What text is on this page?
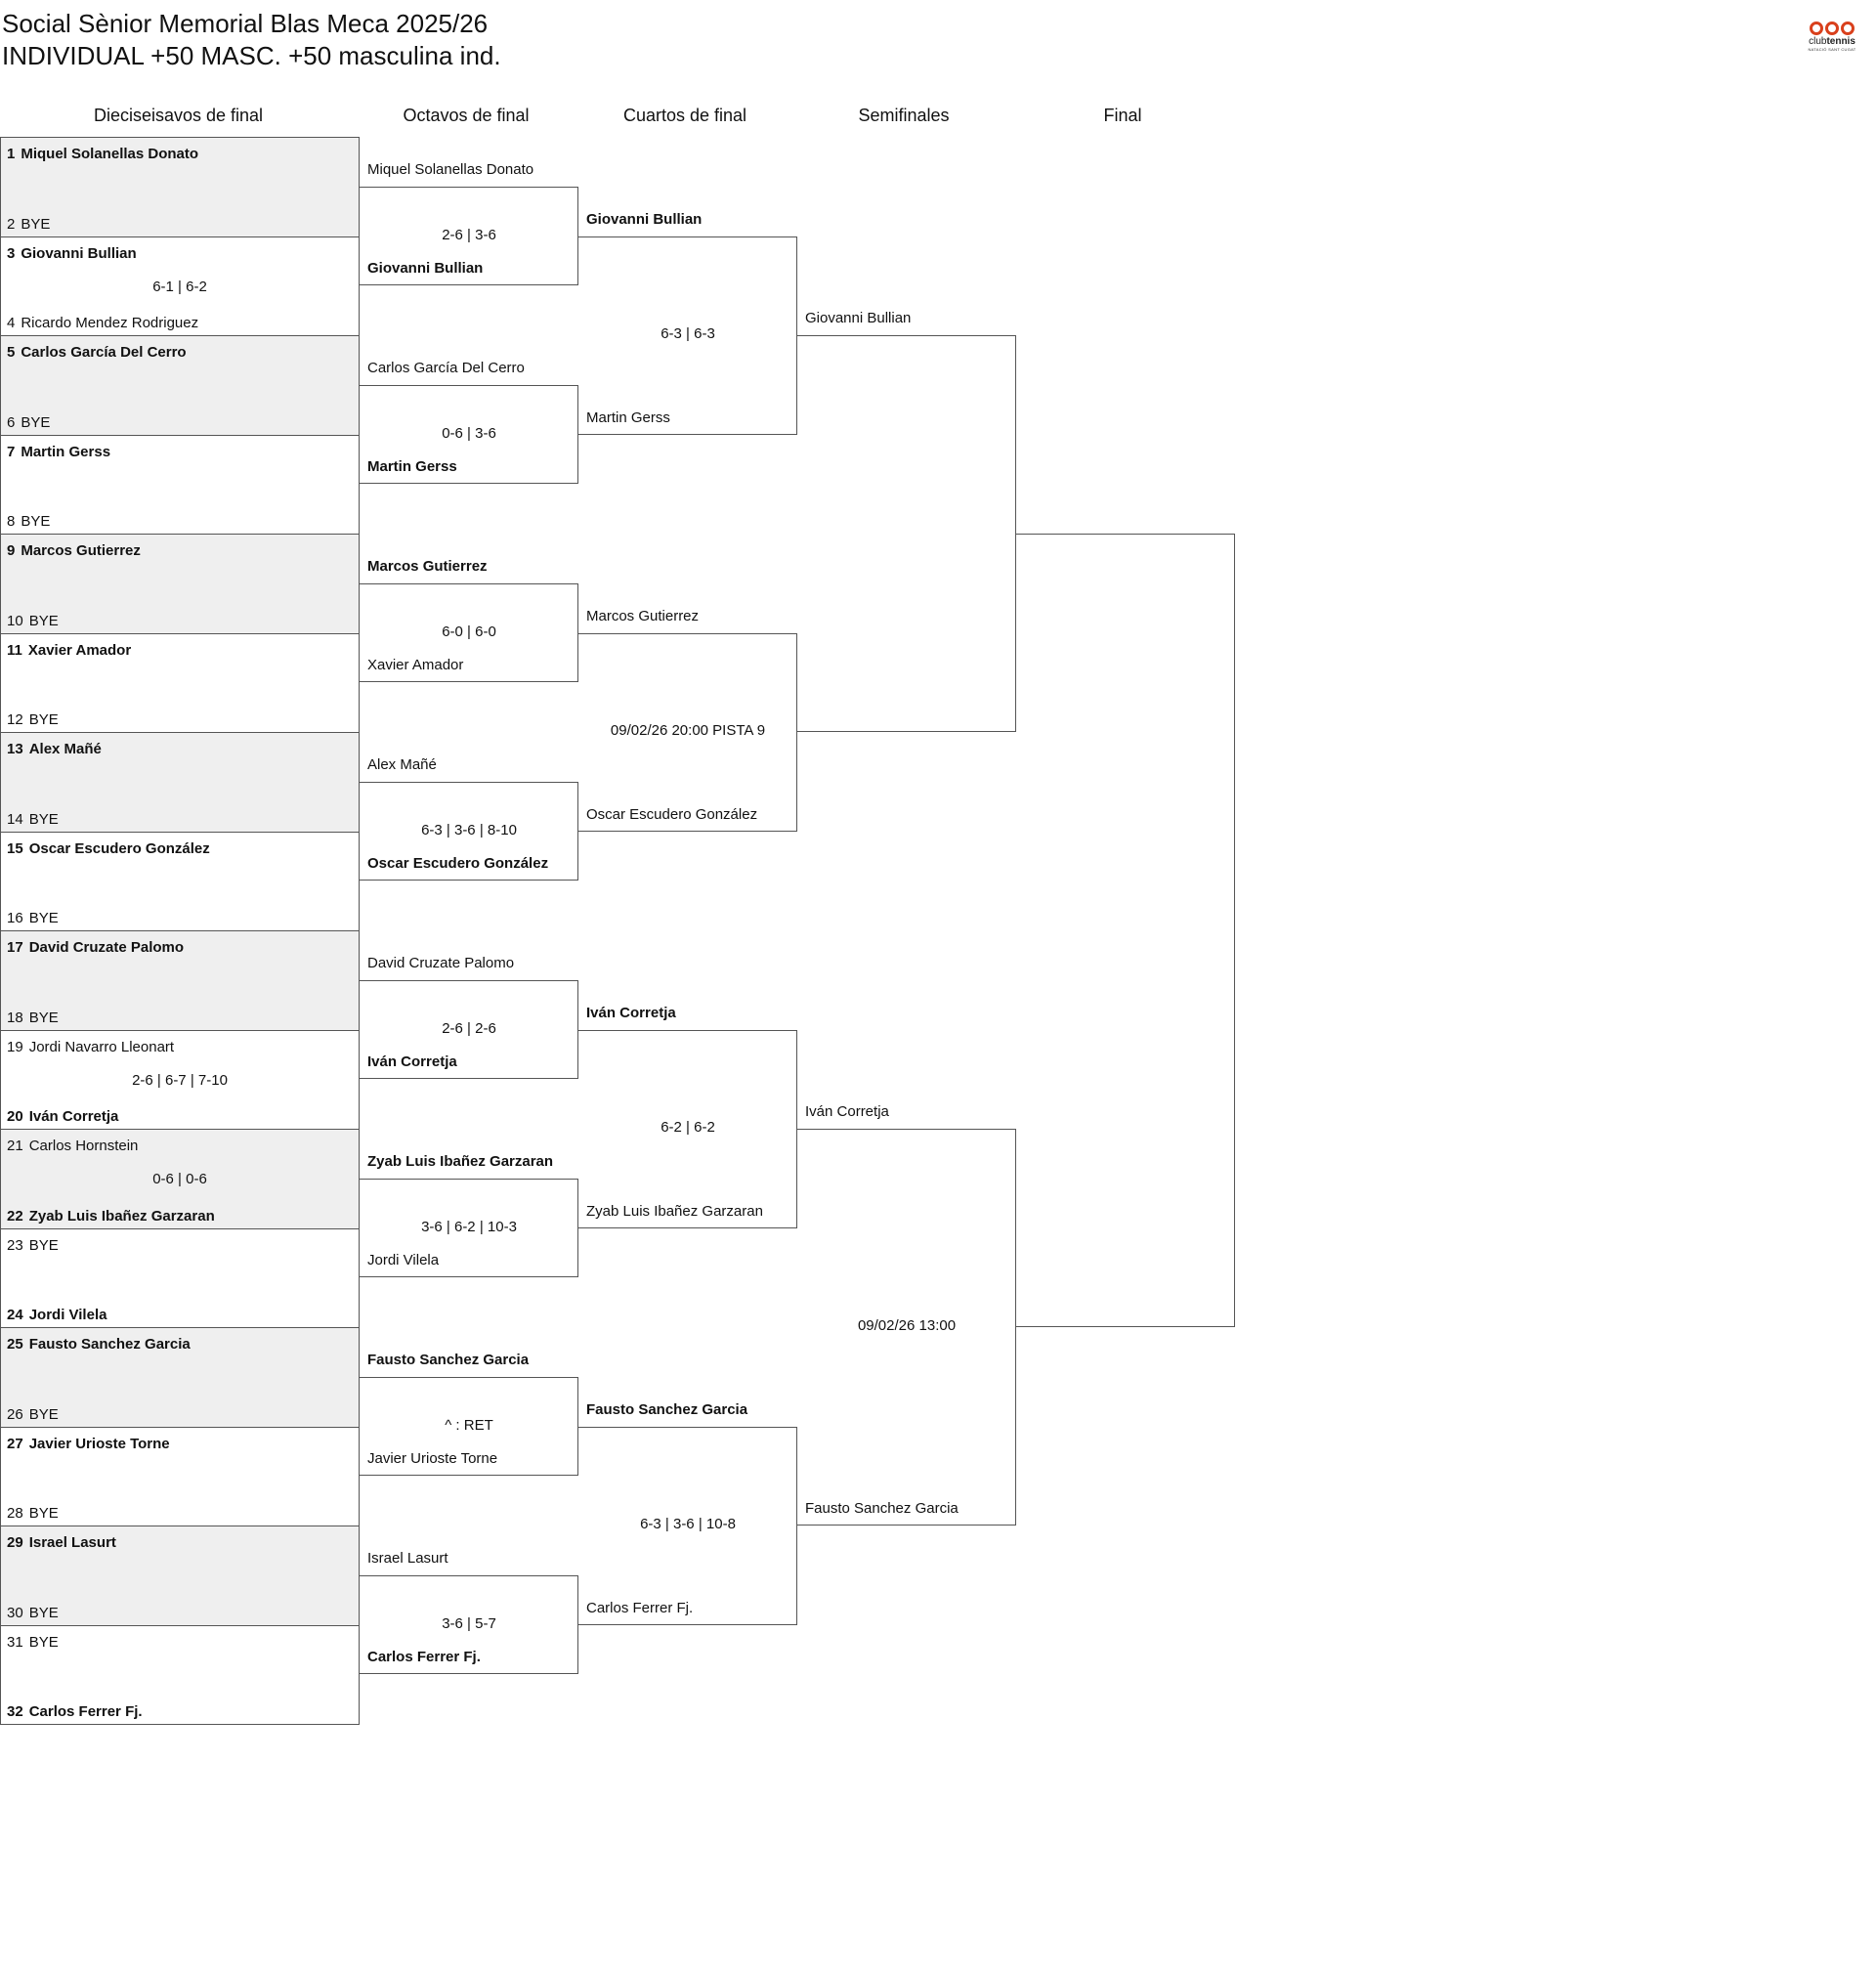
Social Sènior Memorial Blas Meca 2025/26
INDIVIDUAL +50 MASC. +50 masculina ind.	clubtennis
NATACIÓ SANT CUGAT
Dieciseisavos de final	Octavos de final	Cuartos de final	Semifinales	Final
1 Miquel Solanellas Donato
2 BYE
3 Giovanni Bullian
4 Ricardo Mendez Rodriguez
6-1 | 6-2
5 Carlos García Del Cerro
6 BYE
7 Martin Gerss
8 BYE
9 Marcos Gutierrez
10 BYE
11 Xavier Amador
12 BYE
13 Alex Mañé
14 BYE
15 Oscar Escudero González
16 BYE
17 David Cruzate Palomo
18 BYE
19 Jordi Navarro Lleonart
20 Iván Corretja
2-6 | 6-7 | 7-10
21 Carlos Hornstein
22 Zyab Luis Ibañez Garzaran
0-6 | 0-6
23 BYE
24 Jordi Vilela
25 Fausto Sanchez Garcia
26 BYE
27 Javier Urioste Torne
28 BYE
29 Israel Lasurt
30 BYE
31 BYE
32 Carlos Ferrer Fj.
Miquel Solanellas Donato
Giovanni Bullian
2-6 | 3-6
Carlos García Del Cerro
Martin Gerss
0-6 | 3-6
Marcos Gutierrez
Xavier Amador
6-0 | 6-0
Alex Mañé
Oscar Escudero González
6-3 | 3-6 | 8-10
David Cruzate Palomo
Iván Corretja
2-6 | 2-6
Zyab Luis Ibañez Garzaran
Jordi Vilela
3-6 | 6-2 | 10-3
Fausto Sanchez Garcia
Javier Urioste Torne
^ : RET
Israel Lasurt
Carlos Ferrer Fj.
3-6 | 5-7
Giovanni Bullian
Martin Gerss
6-3 | 6-3
Marcos Gutierrez
Oscar Escudero González
09/02/26 20:00 PISTA 9
Iván Corretja
Zyab Luis Ibañez Garzaran
6-2 | 6-2
Fausto Sanchez Garcia
Carlos Ferrer Fj.
6-3 | 3-6 | 10-8
Giovanni Bullian
Iván Corretja
Fausto Sanchez Garcia
09/02/26 13:00
